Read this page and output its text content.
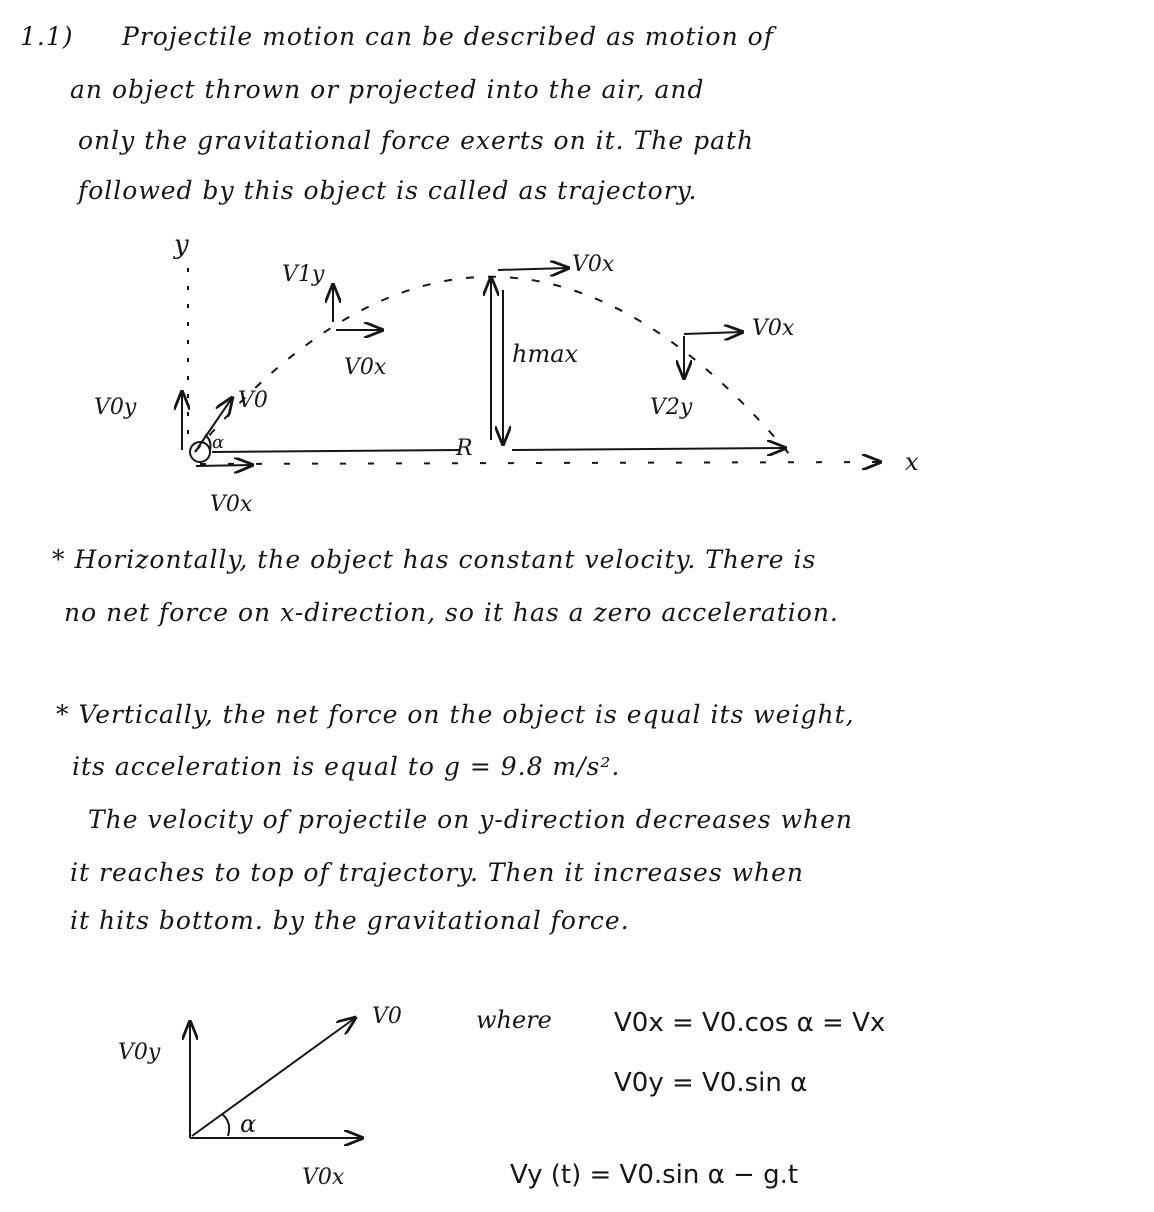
1.1) Projectile motion can be described as motion of
an object thrown or projected into the air, and
only the gravitational force exerts on it. The path
followed by this object is called as trajectory.
y
x
V0y	V0
α
V0x
V1y
V0x
V0x
hmax
R
V2y
V0x
* Horizontally, the object has constant velocity. There is
no net force on x-direction, so it has a zero acceleration.
* Vertically, the net force on the object is equal its weight,
its acceleration is equal to g = 9.8 m/s².
The velocity of projectile on y-direction decreases when
it reaches to top of trajectory. Then it increases when
it hits bottom. by the gravitational force.
V0y
V0
α
V0x
where V0x = V0.cos α = Vx
V0y = V0.sin α
Vy (t) = V0.sin α − g.t
